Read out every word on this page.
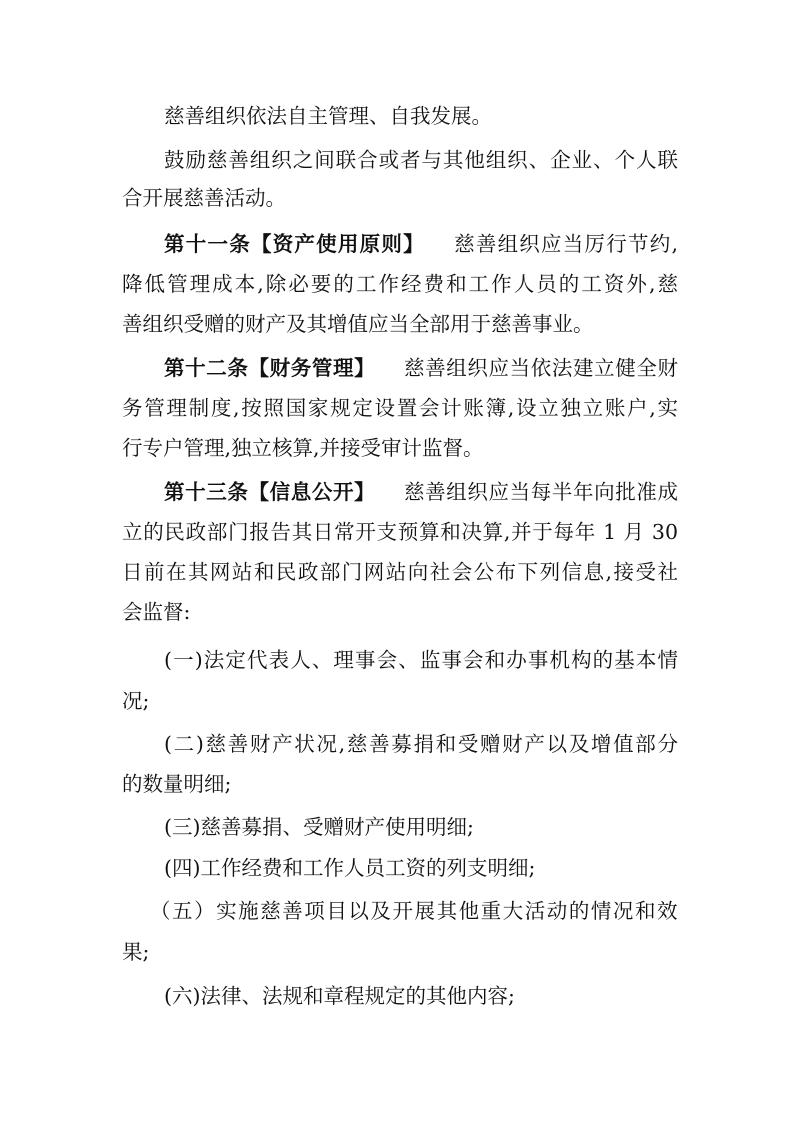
慈善组织依法自主管理、自我发展。
鼓励慈善组织之间联合或者与其他组织、企业、个人联
合开展慈善活动。
第十一条【资产使用原则】 慈善组织应当厉行节约,
降低管理成本,除必要的工作经费和工作人员的工资外,慈
善组织受赠的财产及其增值应当全部用于慈善事业。
第十二条【财务管理】 慈善组织应当依法建立健全财
务管理制度,按照国家规定设置会计账簿,设立独立账户,实
行专户管理,独立核算,并接受审计监督。
第十三条【信息公开】 慈善组织应当每半年向批准成
立的民政部门报告其日常开支预算和决算,并于每年 1 月 30
日前在其网站和民政部门网站向社会公布下列信息,接受社
会监督:
(一)法定代表人、理事会、监事会和办事机构的基本情
况;
(二)慈善财产状况,慈善募捐和受赠财产以及增值部分
的数量明细;
(三)慈善募捐、受赠财产使用明细;
(四)工作经费和工作人员工资的列支明细;
（五）实施慈善项目以及开展其他重大活动的情况和效
果;
(六)法律、法规和章程规定的其他内容;
